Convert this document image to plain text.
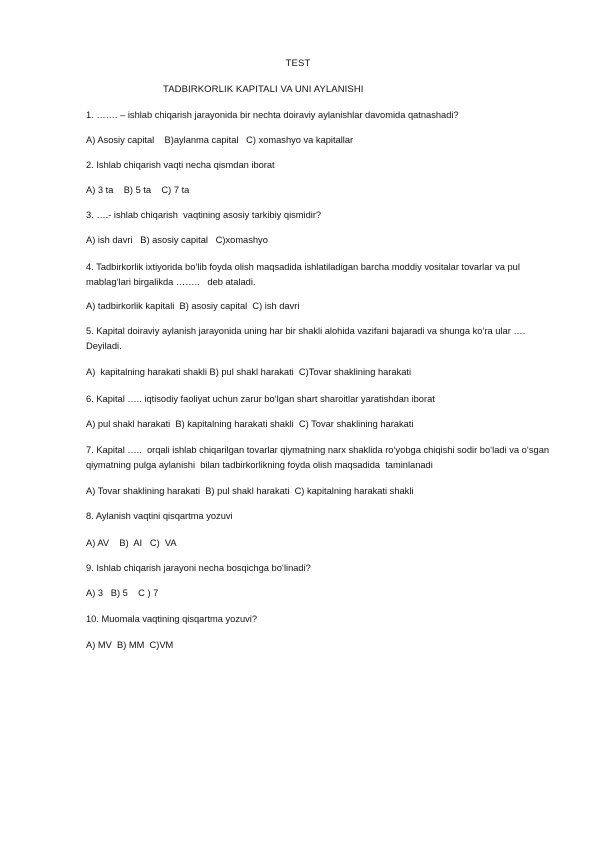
TEST
TADBIRKORLIK KAPITALI VA UNI AYLANISHI
1. ……. – ishlab chiqarish jarayonida bir nechta doiraviy aylanishlar davomida qatnashadi?
A) Asosiy capital    B)aylanma capital   C) xomashyo va kapitallar
2. Ishlab chiqarish vaqti necha qismdan iborat
A) 3 ta    B) 5 ta    C) 7 ta
3. ….- ishlab chiqarish  vaqtining asosiy tarkibiy qismidir?
A) ish davri   B) asosiy capital   C)xomashyo
4. Tadbirkorlik ixtiyorida bo‘lib foyda olish maqsadida ishlatiladigan barcha moddiy vositalar tovarlar va pul mablag‘lari birgalikda ……..   deb ataladi.
A) tadbirkorlik kapitali  B) asosiy capital  C) ish davri
5. Kapital doiraviy aylanish jarayonida uning har bir shakli alohida vazifani bajaradi va shunga ko‘ra ular …. Deyiladi.
A)  kapitalning harakati shakli B) pul shakl harakati  C)Tovar shaklining harakati
6. Kapital ….. iqtisodiy faoliyat uchun zarur bo‘lgan shart sharoitlar yaratishdan iborat
A) pul shakl harakati  B) kapitalning harakati shakli  C) Tovar shaklining harakati
7. Kapital …..  orqali ishlab chiqarilgan tovarlar qiymatning narx shaklida ro‘yobga chiqishi sodir bo‘ladi va o‘sgan qiymatning pulga aylanishi  bilan tadbirkorlikning foyda olish maqsadida  taminlanadi
A) Tovar shaklining harakati  B) pul shakl harakati  C) kapitalning harakati shakli
8. Aylanish vaqtini qisqartma yozuvi
A) AV    B)  AI   C)  VA
9. Ishlab chiqarish jarayoni necha bosqichga bo‘linadi?
A) 3   B) 5    C ) 7
10. Muomala vaqtining qisqartma yozuvi?
A) MV  B) MM  C)VM
